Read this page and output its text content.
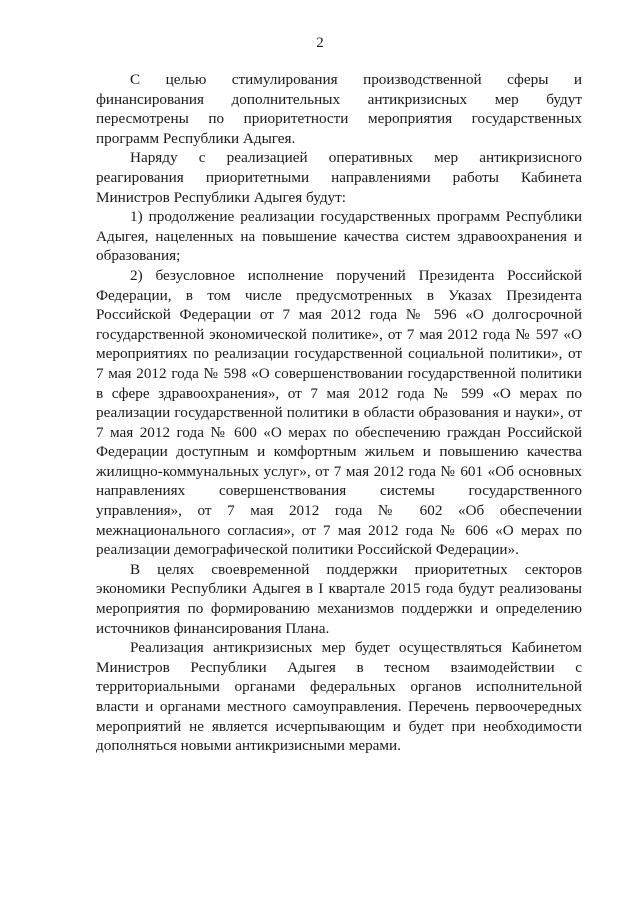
2

С целью стимулирования производственной сферы и финансирования дополнительных антикризисных мер будут пересмотрены по приоритетности мероприятия государственных программ Республики Адыгея.

Наряду с реализацией оперативных мер антикризисного реагирования приоритетными направлениями работы Кабинета Министров Республики Адыгея будут:

1) продолжение реализации государственных программ Республики Адыгея, нацеленных на повышение качества систем здравоохранения и образования;

2) безусловное исполнение поручений Президента Российской Федерации, в том числе предусмотренных в Указах Президента Российской Федерации от 7 мая 2012 года № 596 «О долгосрочной государственной экономической политике», от 7 мая 2012 года № 597 «О мероприятиях по реализации государственной социальной политики», от 7 мая 2012 года № 598 «О совершенствовании государственной политики в сфере здравоохранения», от 7 мая 2012 года № 599 «О мерах по реализации государственной политики в области образования и науки», от 7 мая 2012 года № 600 «О мерах по обеспечению граждан Российской Федерации доступным и комфортным жильем и повышению качества жилищно-коммунальных услуг», от 7 мая 2012 года № 601 «Об основных направлениях совершенствования системы государственного управления», от 7 мая 2012 года № 602 «Об обеспечении межнационального согласия», от 7 мая 2012 года № 606 «О мерах по реализации демографической политики Российской Федерации».

В целях своевременной поддержки приоритетных секторов экономики Республики Адыгея в I квартале 2015 года будут реализованы мероприятия по формированию механизмов поддержки и определению источников финансирования Плана.

Реализация антикризисных мер будет осуществляться Кабинетом Министров Республики Адыгея в тесном взаимодействии с территориальными органами федеральных органов исполнительной власти и органами местного самоуправления. Перечень первоочередных мероприятий не является исчерпывающим и будет при необходимости дополняться новыми антикризисными мерами.
